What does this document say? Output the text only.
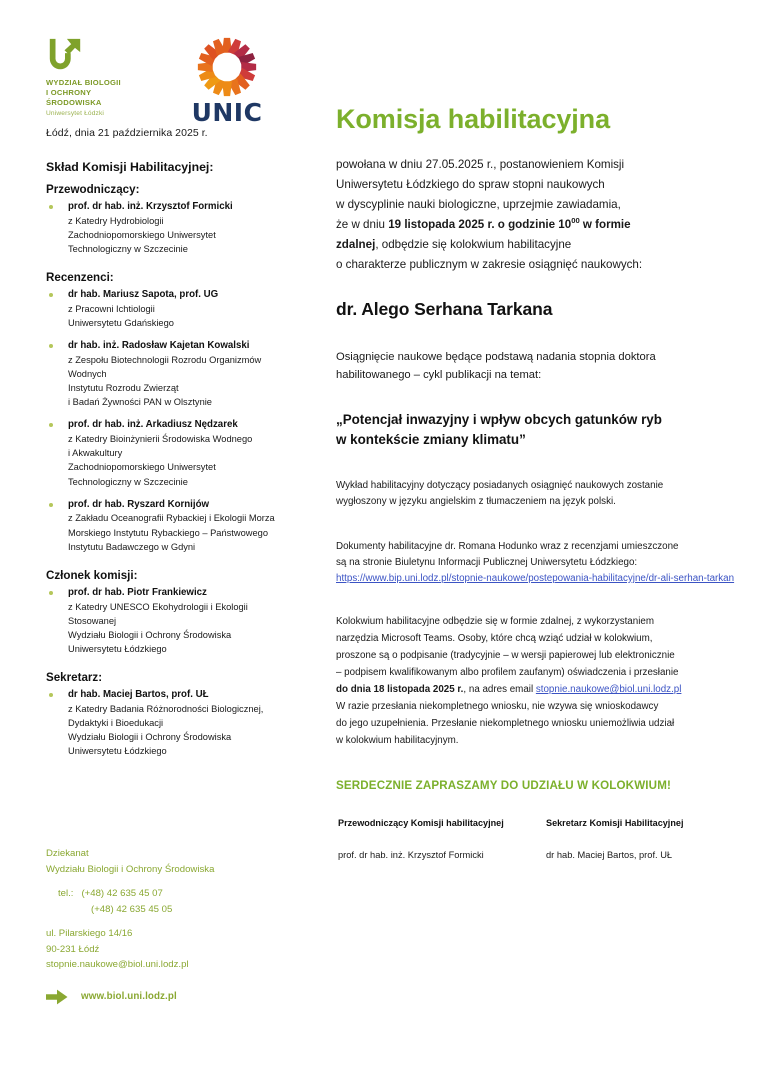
WYDZIAŁ BIOLOGII
I OCHRONY
ŚRODOWISKA
Uniwersytet Łódzki	UNIC
Łódź, dnia 21 października 2025 r.
Skład Komisji Habilitacyjnej:
Przewodniczący:
prof. dr hab. inż. Krzysztof Formicki
z Katedry Hydrobiologii
Zachodniopomorskiego Uniwersytet
Technologiczny w Szczecinie
Recenzenci:
dr hab. Mariusz Sapota, prof. UG
z Pracowni Ichtiologii
Uniwersytetu Gdańskiego
dr hab. inż. Radosław Kajetan Kowalski
z Zespołu Biotechnologii Rozrodu Organizmów
Wodnych
Instytutu Rozrodu Zwierząt
i Badań Żywności PAN w Olsztynie
prof. dr hab. inż. Arkadiusz Nędzarek
z Katedry Bioinżynierii Środowiska Wodnego
i Akwakultury
Zachodniopomorskiego Uniwersytet
Technologiczny w Szczecinie
prof. dr hab. Ryszard Kornijów
z Zakładu Oceanografii Rybackiej i Ekologii Morza
Morskiego Instytutu Rybackiego – Państwowego
Instytutu Badawczego w Gdyni
Członek komisji:
prof. dr hab. Piotr Frankiewicz
z Katedry UNESCO Ekohydrologii i Ekologii
Stosowanej
Wydziału Biologii i Ochrony Środowiska
Uniwersytetu Łódzkiego
Sekretarz:
dr hab. Maciej Bartos, prof. UŁ
z Katedry Badania Różnorodności Biologicznej,
Dydaktyki i Bioedukacji
Wydziału Biologii i Ochrony Środowiska
Uniwersytetu Łódzkiego
Dziekanat
Wydziału Biologii i Ochrony Środowiska
tel.: (+48) 42 635 45 07
(+48) 42 635 45 05
ul. Pilarskiego 14/16
90-231 Łódź
stopnie.naukowe@biol.uni.lodz.pl
www.biol.uni.lodz.pl
Komisja habilitacyjna
powołana w dniu 27.05.2025 r., postanowieniem Komisji
Uniwersytetu Łódzkiego do spraw stopni naukowych
w dyscyplinie nauki biologiczne, uprzejmie zawiadamia,
że w dniu 19 listopada 2025 r. o godzinie $10^{00}$ w formie
zdalnej, odbędzie się kolokwium habilitacyjne
o charakterze publicznym w zakresie osiągnięć naukowych:
dr. Alego Serhana Tarkana
Osiągnięcie naukowe będące podstawą nadania stopnia doktora
habilitowanego – cykl publikacji na temat:
„Potencjał inwazyjny i wpływ obcych gatunków ryb
w kontekście zmiany klimatu”
Wykład habilitacyjny dotyczący posiadanych osiągnięć naukowych zostanie
wygłoszony w języku angielskim z tłumaczeniem na język polski.
Dokumenty habilitacyjne dr. Romana Hodunko wraz z recenzjami umieszczone
są na stronie Biuletynu Informacji Publicznej Uniwersytetu Łódzkiego:
https://www.bip.uni.lodz.pl/stopnie-naukowe/postepowania-habilitacyjne/dr-ali-serhan-tarkan
Kolokwium habilitacyjne odbędzie się w formie zdalnej, z wykorzystaniem
narzędzia Microsoft Teams. Osoby, które chcą wziąć udział w kolokwium,
proszone są o podpisanie (tradycyjnie – w wersji papierowej lub elektronicznie
– podpisem kwalifikowanym albo profilem zaufanym) oświadczenia i przesłanie
do dnia 18 listopada 2025 r., na adres email stopnie.naukowe@biol.uni.lodz.pl
W razie przesłania niekompletnego wniosku, nie wzywa się wnioskodawcy
do jego uzupełnienia. Przesłanie niekompletnego wniosku uniemożliwia udział
w kolokwium habilitacyjnym.
SERDECZNIE ZAPRASZAMY DO UDZIAŁU W KOLOKWIUM!
Przewodniczący Komisji habilitacyjnej
prof. dr hab. inż. Krzysztof Formicki
Sekretarz Komisji Habilitacyjnej
dr hab. Maciej Bartos, prof. UŁ
